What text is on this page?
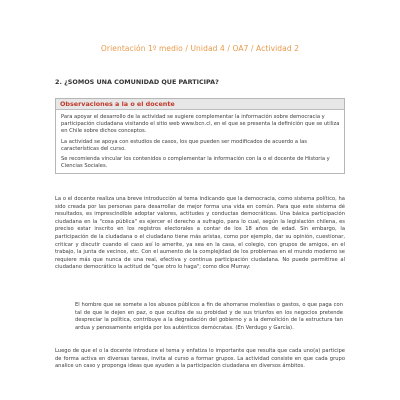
Orientación 1º medio / Unidad 4 / OA7 / Actividad 2
2. ¿SOMOS UNA COMUNIDAD QUE PARTICIPA?
Observaciones a la o el docente

Para apoyar el desarrollo de la actividad se sugiere complementar la información sobre democracia y participación ciudadana visitando el sitio web www.bcn.cl, en el que se presenta la definición que se utiliza en Chile sobre dichos conceptos.

La actividad se apoya con estudios de casos, los que pueden ser modificados de acuerdo a las características del curso.

Se recomienda vincular los contenidos o complementar la información con la o el docente de Historia y Ciencias Sociales.

La o el docente realiza una breve introducción al tema indicando que la democracia, como sistema político, ha sido creada por las personas para desarrollar de mejor forma una vida en común. Para que este sistema dé resultados, es imprescindible adoptar valores, actitudes y conductas democráticas. Una básica participación ciudadana en la "cosa pública" es ejercer el derecho a sufragio, para lo cual, según la legislación chilena, es preciso estar inscrito en los registros electorales a contar de los 18 años de edad. Sin embargo, la participación de la ciudadana o el ciudadano tiene más aristas, como por ejemplo, dar su opinión, cuestionar, criticar y discutir cuando el caso así lo amerite, ya sea en la casa, el colegio, con grupos de amigos, en el trabajo, la junta de vecinos, etc. Con el aumento de la complejidad de los problemas en el mundo moderno se requiere más que nunca de una real, efectiva y continua participación ciudadana. No puede permitirse al ciudadano democrático la actitud de "que otro lo haga"; como dice Murray:

El hombre que se somete a los abusos públicos a fin de ahorrarse molestias o gastos, o que paga con tal de que le dejen en paz, o que ocultos de su probidad y de sus triunfos en los negocios pretende despreciar la política, contribuye a la degradación del gobierno y a la demolición de la estructura tan ardua y penosamente erigida por los auténticos demócratas. (En Verdugo y García).

Luego de que el o la docente introduce el tema y enfatiza lo importante que resulta que cada uno(a) participe de forma activa en diversas tareas, invita al curso a formar grupos. La actividad consiste en que cada grupo analice un caso y proponga ideas que ayuden a la participación ciudadana en diversos ámbitos.
